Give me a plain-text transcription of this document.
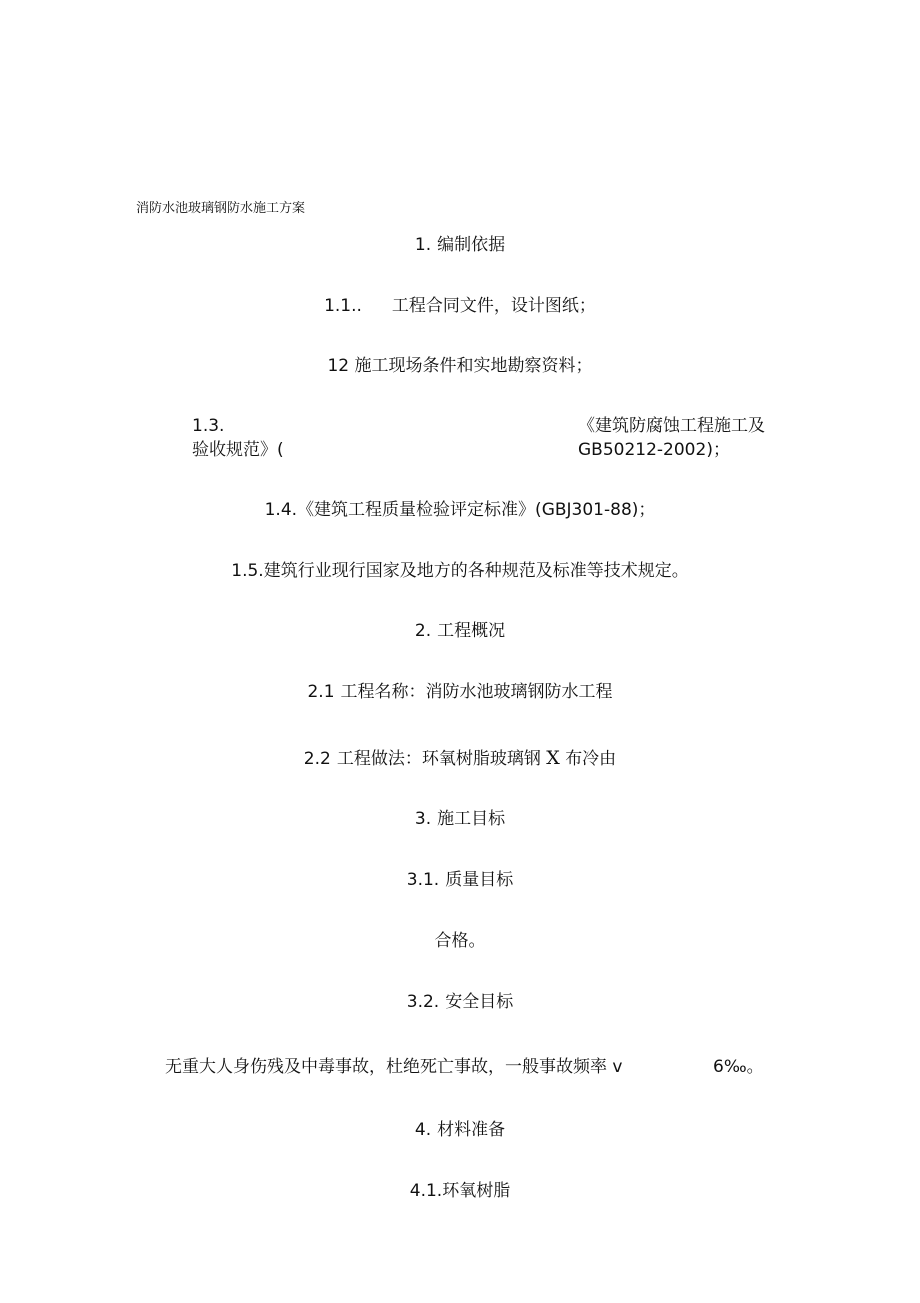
消防水池玻璃钢防水施工方案
1. 编制依据
1.1.. 工程合同文件，设计图纸；
12 施工现场条件和实地勘察资料；
1.3.	《建筑防腐蚀工程施工及
验收规范》(	GB50212-2002)；
1.4.《建筑工程质量检验评定标准》(GBJ301-88)；
1.5.建筑行业现行国家及地方的各种规范及标准等技术规定。
2. 工程概况
2.1 工程名称：消防水池玻璃钢防水工程
2.2 工程做法：环氧树脂玻璃钢 X 布冷由
3. 施工目标
3.1. 质量目标
合格。
3.2. 安全目标
无重大人身伤残及中毒事故，杜绝死亡事故，一般事故频率 v	6‰。
4. 材料准备
4.1.环氧树脂
